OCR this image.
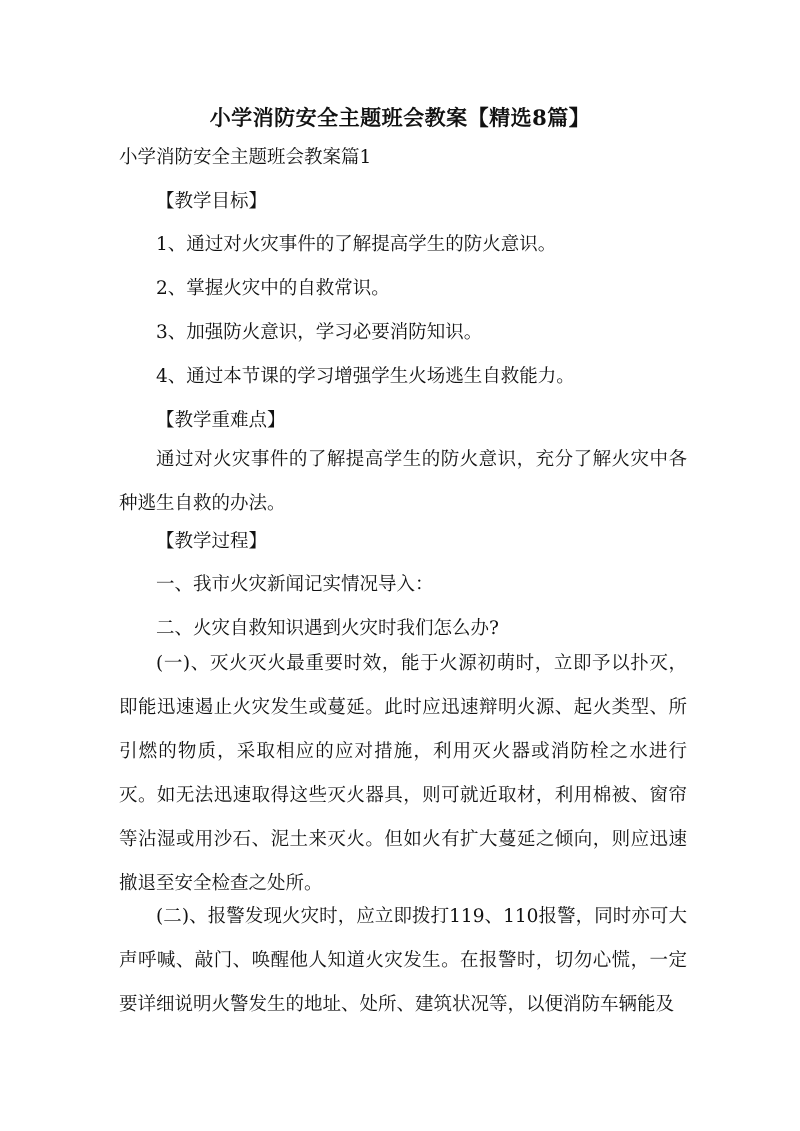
小学消防安全主题班会教案【精选8篇】

小学消防安全主题班会教案篇1

【教学目标】

1、通过对火灾事件的了解提高学生的防火意识。

2、掌握火灾中的自救常识。

3、加强防火意识，学习必要消防知识。

4、通过本节课的学习增强学生火场逃生自救能力。

【教学重难点】

通过对火灾事件的了解提高学生的防火意识，充分了解火灾中各种逃生自救的办法。

【教学过程】

一、我市火灾新闻记实情况导入：

二、火灾自救知识遇到火灾时我们怎么办?

(一)、灭火灭火最重要时效，能于火源初萌时，立即予以扑灭，即能迅速遏止火灾发生或蔓延。此时应迅速辩明火源、起火类型、所引燃的物质，采取相应的应对措施，利用灭火器或消防栓之水进行灭。如无法迅速取得这些灭火器具，则可就近取材，利用棉被、窗帘等沾湿或用沙石、泥土来灭火。但如火有扩大蔓延之倾向，则应迅速撤退至安全检查之处所。

(二)、报警发现火灾时，应立即拨打119、110报警，同时亦可大声呼喊、敲门、唤醒他人知道火灾发生。在报警时，切勿心慌，一定要详细说明火警发生的地址、处所、建筑状况等，以便消防车辆能及
